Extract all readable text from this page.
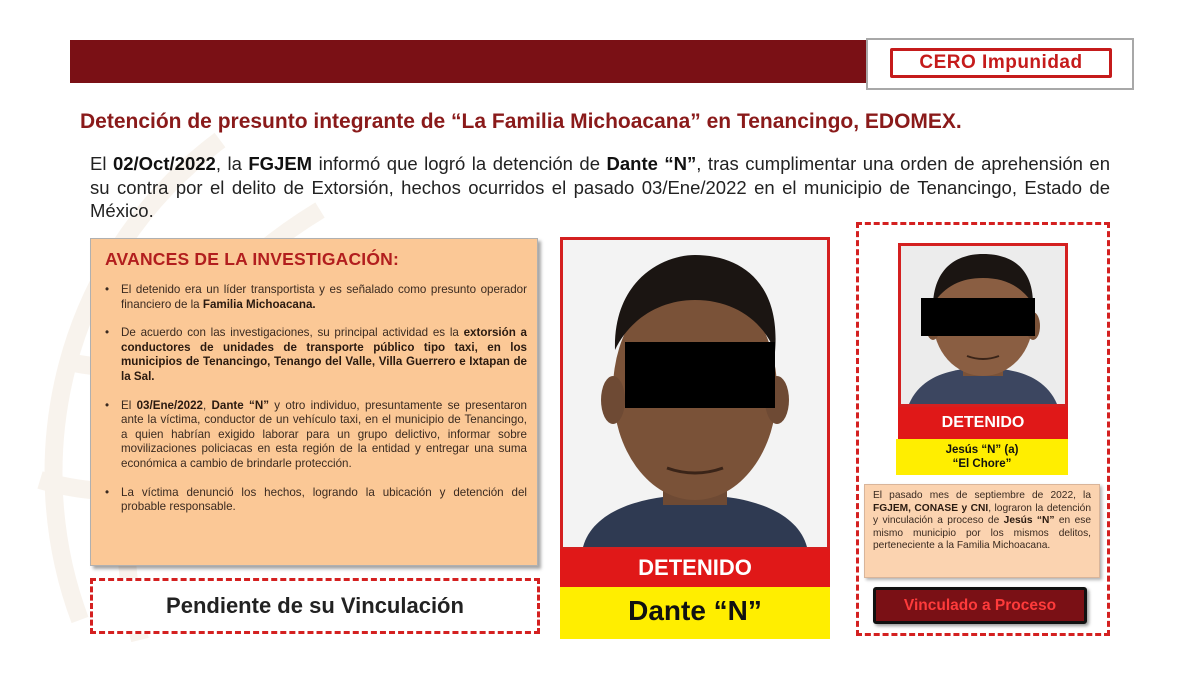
CERO Impunidad
Detención de presunto integrante de “La Familia Michoacana” en Tenancingo, EDOMEX.
El 02/Oct/2022, la FGJEM informó que logró la detención de Dante “N”, tras cumplimentar una orden de aprehensión en su contra por el delito de Extorsión, hechos ocurridos el pasado 03/Ene/2022 en el municipio de Tenancingo, Estado de México.
AVANCES DE LA INVESTIGACIÓN:
• El detenido era un líder transportista y es señalado como presunto operador financiero de la Familia Michoacana.
• De acuerdo con las investigaciones, su principal actividad es la extorsión a conductores de unidades de transporte público tipo taxi, en los municipios de Tenancingo, Tenango del Valle, Villa Guerrero e Ixtapan de la Sal.
• El 03/Ene/2022, Dante “N” y otro individuo, presuntamente se presentaron ante la víctima, conductor de un vehículo taxi, en el municipio de Tenancingo, a quien habrían exigido laborar para un grupo delictivo, informar sobre movilizaciones policiacas en esta región de la entidad y entregar una suma económica a cambio de brindarle protección.
• La víctima denunció los hechos, logrando la ubicación y detención del probable responsable.
Pendiente de su Vinculación
DETENIDO
Dante “N”
DETENIDO
Jesús “N” (a)
“El Chore”
El pasado mes de septiembre de 2022, la FGJEM, CONASE y CNI, lograron la detención y vinculación a proceso de Jesús “N” en ese mismo municipio por los mismos delitos, perteneciente a la Familia Michoacana.
Vinculado a Proceso
